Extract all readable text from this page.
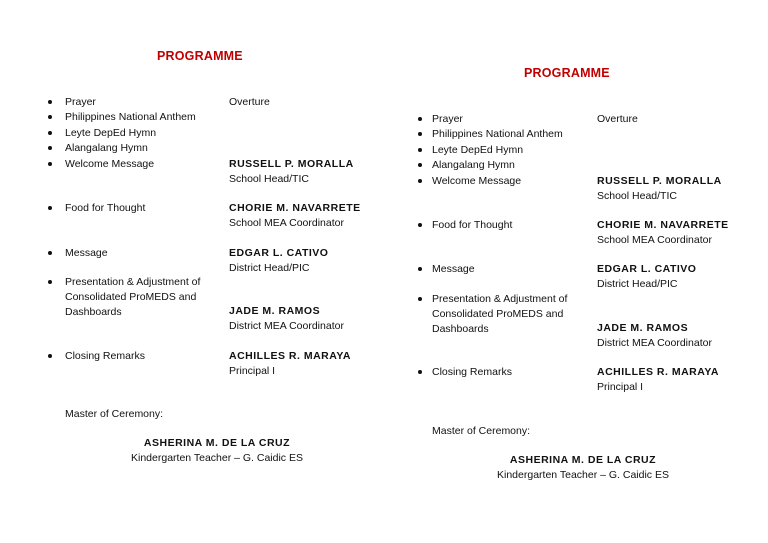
PROGRAMME
Prayer	Overture
Philippines National Anthem
Leyte DepEd Hymn
Alangalang Hymn
Welcome Message	RUSSELL P. MORALLA
School Head/TIC
Food for Thought	CHORIE M. NAVARRETE
School MEA Coordinator
Message	EDGAR L. CATIVO
District Head/PIC
Presentation & Adjustment of
Consolidated ProMEDS and
Dashboards	JADE M. RAMOS
District MEA Coordinator
Closing Remarks	ACHILLES R. MARAYA
Principal I
Master of Ceremony:
ASHERINA M. DE LA CRUZ
Kindergarten Teacher – G. Caidic ES
PROGRAMME
Prayer	Overture
Philippines National Anthem
Leyte DepEd Hymn
Alangalang Hymn
Welcome Message	RUSSELL P. MORALLA
School Head/TIC
Food for Thought	CHORIE M. NAVARRETE
School MEA Coordinator
Message	EDGAR L. CATIVO
District Head/PIC
Presentation & Adjustment of
Consolidated ProMEDS and
Dashboards	JADE M. RAMOS
District MEA Coordinator
Closing Remarks	ACHILLES R. MARAYA
Principal I
Master of Ceremony:
ASHERINA M. DE LA CRUZ
Kindergarten Teacher – G. Caidic ES
